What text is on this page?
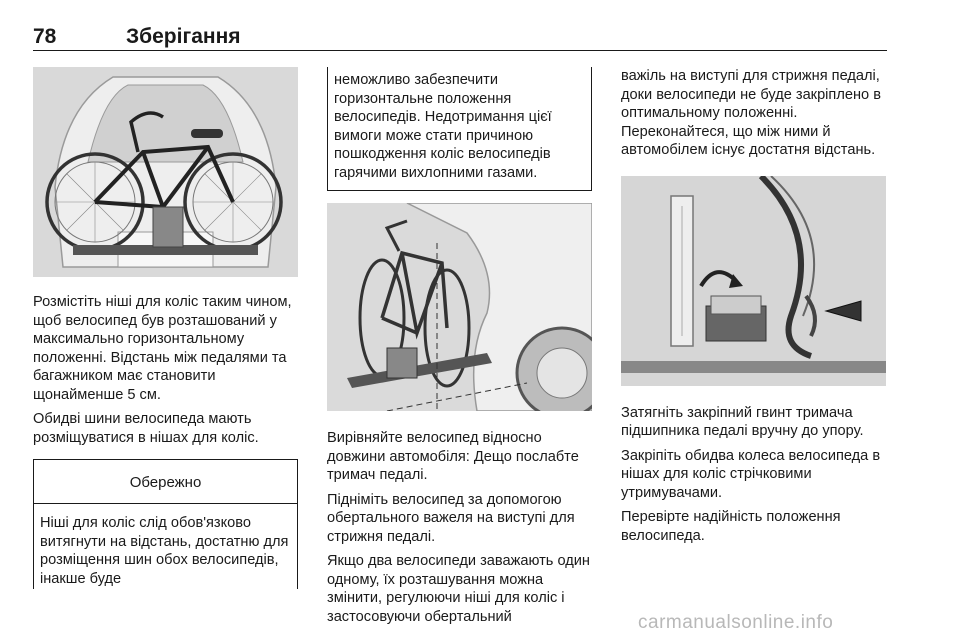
78	Зберігання

Розмістіть ніші для коліс таким чином, щоб велосипед був розташований у максимально горизонтальному положенні. Відстань між педалями та багажником має становити щонайменше 5 см.

Обидві шини велосипеда мають розміщуватися в нішах для коліс.

Обережно
Ніші для коліс слід обов'язково витягнути на відстань, достатню для розміщення шин обох велосипедів, інакше буде
неможливо забезпечити горизонтальне положення велосипедів. Недотримання цієї вимоги може стати причиною пошкодження коліс велосипедів гарячими вихлопними газами.

Вирівняйте велосипед відносно довжини автомобіля: Дещо послабте тримач педалі.

Підніміть велосипед за допомогою обертального важеля на виступі для стрижня педалі.

Якщо два велосипеди заважають один одному, їх розташування можна змінити, регулюючи ніші для коліс і застосовуючи обертальний

важіль на виступі для стрижня педалі, доки велосипеди не буде закріплено в оптимальному положенні. Переконайтеся, що між ними й автомобілем існує достатня відстань.

Затягніть закріпний гвинт тримача підшипника педалі вручну до упору.

Закріпіть обидва колеса велосипеда в нішах для коліс стрічковими утримувачами.

Перевірте надійність положення велосипеда.

carmanualsonline.info
